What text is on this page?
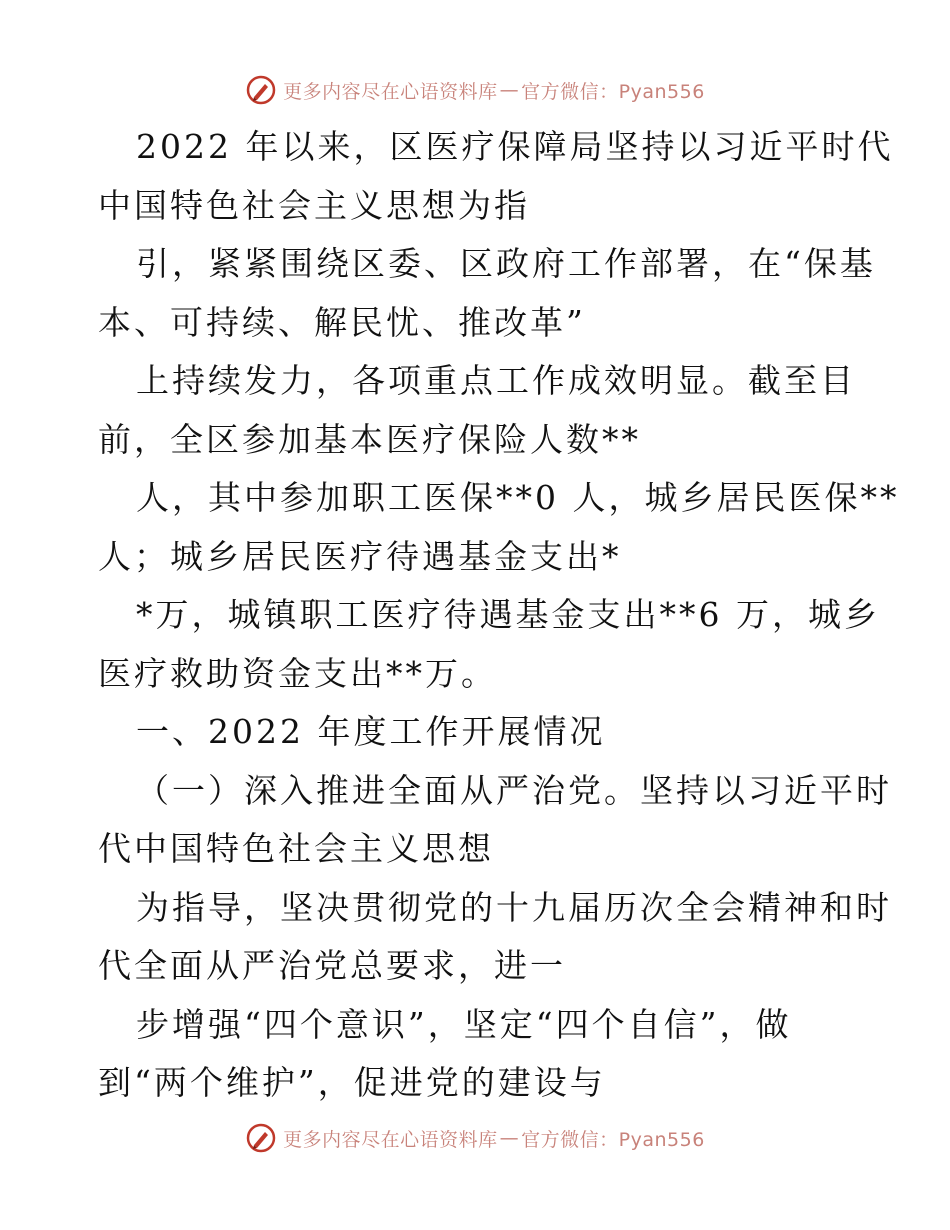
更多内容尽在心语资料库 — 官方微信：Pyan556
2022 年以来，区医疗保障局坚持以习近平时代
中国特色社会主义思想为指
引，紧紧围绕区委、区政府工作部署，在“保基
本、可持续、解民忧、推改革”
上持续发力，各项重点工作成效明显。截至目
前，全区参加基本医疗保险人数**
人，其中参加职工医保**0 人，城乡居民医保**
人；城乡居民医疗待遇基金支出*
*万，城镇职工医疗待遇基金支出**6 万，城乡
医疗救助资金支出**万。
一、2022 年度工作开展情况
（一）深入推进全面从严治党。坚持以习近平时
代中国特色社会主义思想
为指导，坚决贯彻党的十九届历次全会精神和时
代全面从严治党总要求，进一
步增强“四个意识”，坚定“四个自信”，做
到“两个维护”，促进党的建设与
更多内容尽在心语资料库 — 官方微信：Pyan556
